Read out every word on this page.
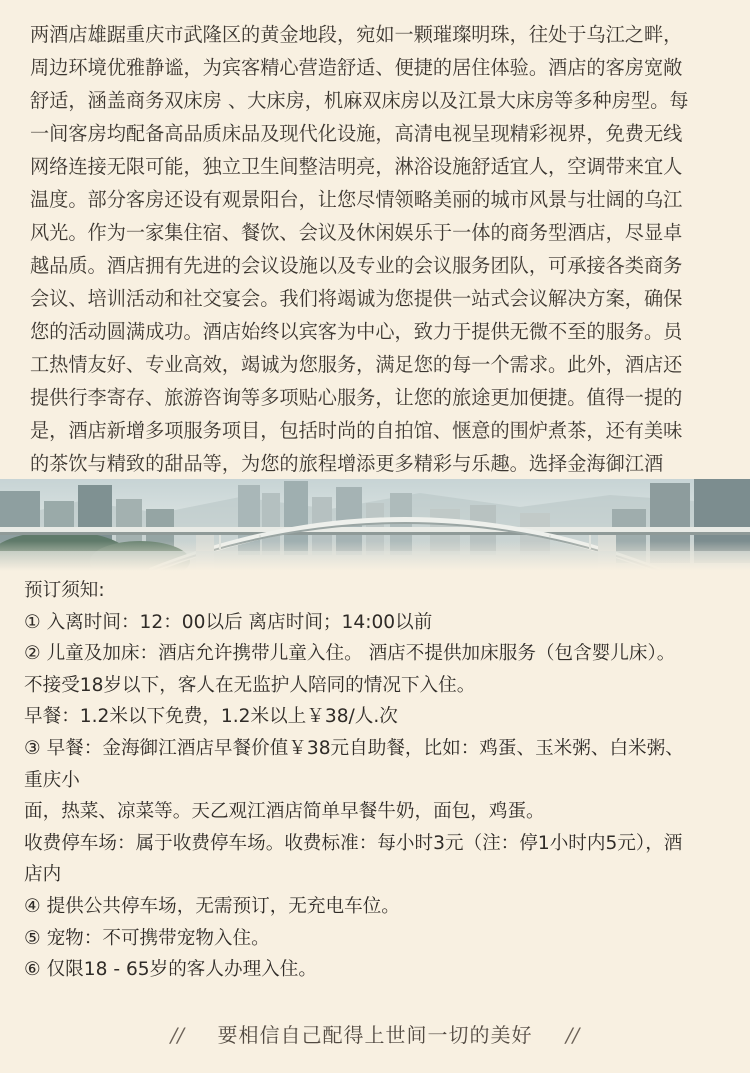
两酒店雄踞重庆市武隆区的黄金地段，宛如一颗璀璨明珠，往处于乌江之畔，
周边环境优雅静谧，为宾客精心营造舒适、便捷的居住体验。酒店的客房宽敞
舒适，涵盖商务双床房 、大床房，机麻双床房以及江景大床房等多种房型。每
一间客房均配备高品质床品及现代化设施，高清电视呈现精彩视界，免费无线
网络连接无限可能，独立卫生间整洁明亮，淋浴设施舒适宜人，空调带来宜人
温度。部分客房还设有观景阳台，让您尽情领略美丽的城市风景与壮阔的乌江
风光。作为一家集住宿、餐饮、会议及休闲娱乐于一体的商务型酒店，尽显卓
越品质。酒店拥有先进的会议设施以及专业的会议服务团队，可承接各类商务
会议、培训活动和社交宴会。我们将竭诚为您提供一站式会议解决方案，确保
您的活动圆满成功。酒店始终以宾客为中心，致力于提供无微不至的服务。员
工热情友好、专业高效，竭诚为您服务，满足您的每一个需求。此外，酒店还
提供行李寄存、旅游咨询等多项贴心服务，让您的旅途更加便捷。值得一提的
是，酒店新增多项服务项目，包括时尚的自拍馆、惬意的围炉煮茶，还有美味
的茶饮与精致的甜品等，为您的旅程增添更多精彩与乐趣。选择金海御江酒
预订须知:
① 入离时间：12：00以后 离店时间；14:00以前
② 儿童及加床：酒店允许携带儿童入住。 酒店不提供加床服务（包含婴儿床）。
不接受18岁以下，客人在无监护人陪同的情况下入住。
早餐：1.2米以下免费，1.2米以上￥38/人.次
③ 早餐：金海御江酒店早餐价值￥38元自助餐，比如：鸡蛋、玉米粥、白米粥、
重庆小
面，热菜、凉菜等。天乙观江酒店简单早餐牛奶，面包，鸡蛋。
收费停车场：属于收费停车场。收费标准：每小时3元（注：停1小时内5元），酒
店内
④ 提供公共停车场，无需预订，无充电车位。
⑤ 宠物：不可携带宠物入住。
⑥ 仅限18 - 65岁的客人办理入住。
// 要相信自己配得上世间一切的美好 //
